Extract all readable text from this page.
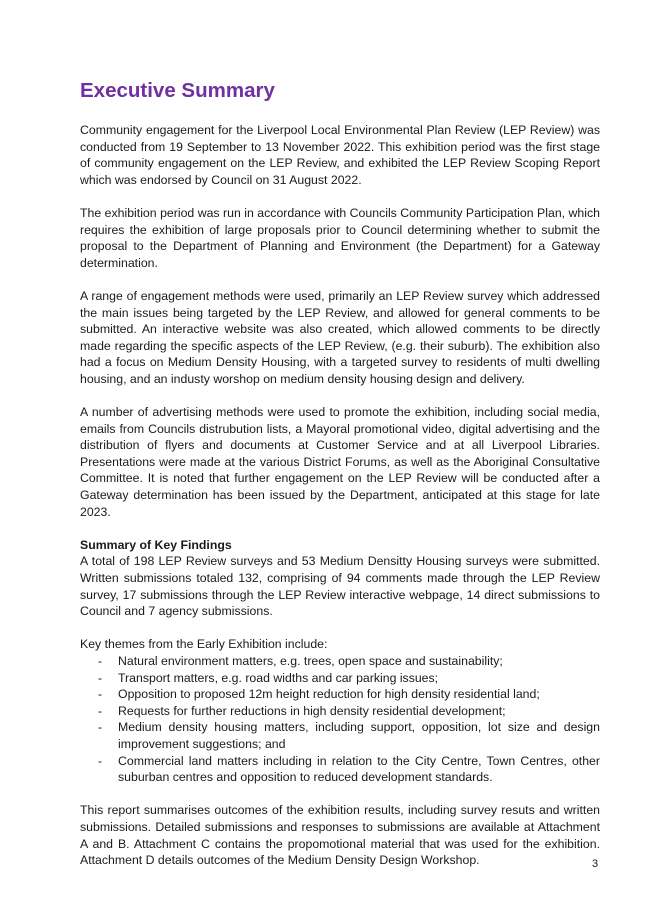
Executive Summary

Community engagement for the Liverpool Local Environmental Plan Review (LEP Review) was conducted from 19 September to 13 November 2022. This exhibition period was the first stage of community engagement on the LEP Review, and exhibited the LEP Review Scoping Report which was endorsed by Council on 31 August 2022.

The exhibition period was run in accordance with Councils Community Participation Plan, which requires the exhibition of large proposals prior to Council determining whether to submit the proposal to the Department of Planning and Environment (the Department) for a Gateway determination.

A range of engagement methods were used, primarily an LEP Review survey which addressed the main issues being targeted by the LEP Review, and allowed for general comments to be submitted. An interactive website was also created, which allowed comments to be directly made regarding the specific aspects of the LEP Review, (e.g. their suburb). The exhibition also had a focus on Medium Density Housing, with a targeted survey to residents of multi dwelling housing, and an industy worshop on medium density housing design and delivery.

A number of advertising methods were used to promote the exhibition, including social media, emails from Councils distrubution lists, a Mayoral promotional video, digital advertising and the distribution of flyers and documents at Customer Service and at all Liverpool Libraries. Presentations were made at the various District Forums, as well as the Aboriginal Consultative Committee. It is noted that further engagement on the LEP Review will be conducted after a Gateway determination has been issued by the Department, anticipated at this stage for late 2023.

Summary of Key Findings

A total of 198 LEP Review surveys and 53 Medium Densitty Housing surveys were submitted. Written submissions totaled 132, comprising of 94 comments made through the LEP Review survey, 17 submissions through the LEP Review interactive webpage, 14 direct submissions to Council and 7 agency submissions.

Key themes from the Early Exhibition include:

- Natural environment matters, e.g. trees, open space and sustainability;
- Transport matters, e.g. road widths and car parking issues;
- Opposition to proposed 12m height reduction for high density residential land;
- Requests for further reductions in high density residential development;
- Medium density housing matters, including support, opposition, lot size and design improvement suggestions; and
- Commercial land matters including in relation to the City Centre, Town Centres, other suburban centres and opposition to reduced development standards.

This report summarises outcomes of the exhibition results, including survey resuts and written submissions. Detailed submissions and responses to submissions are available at Attachment A and B. Attachment C contains the propomotional material that was used for the exhibition. Attachment D details outcomes of the Medium Density Design Workshop.	3
